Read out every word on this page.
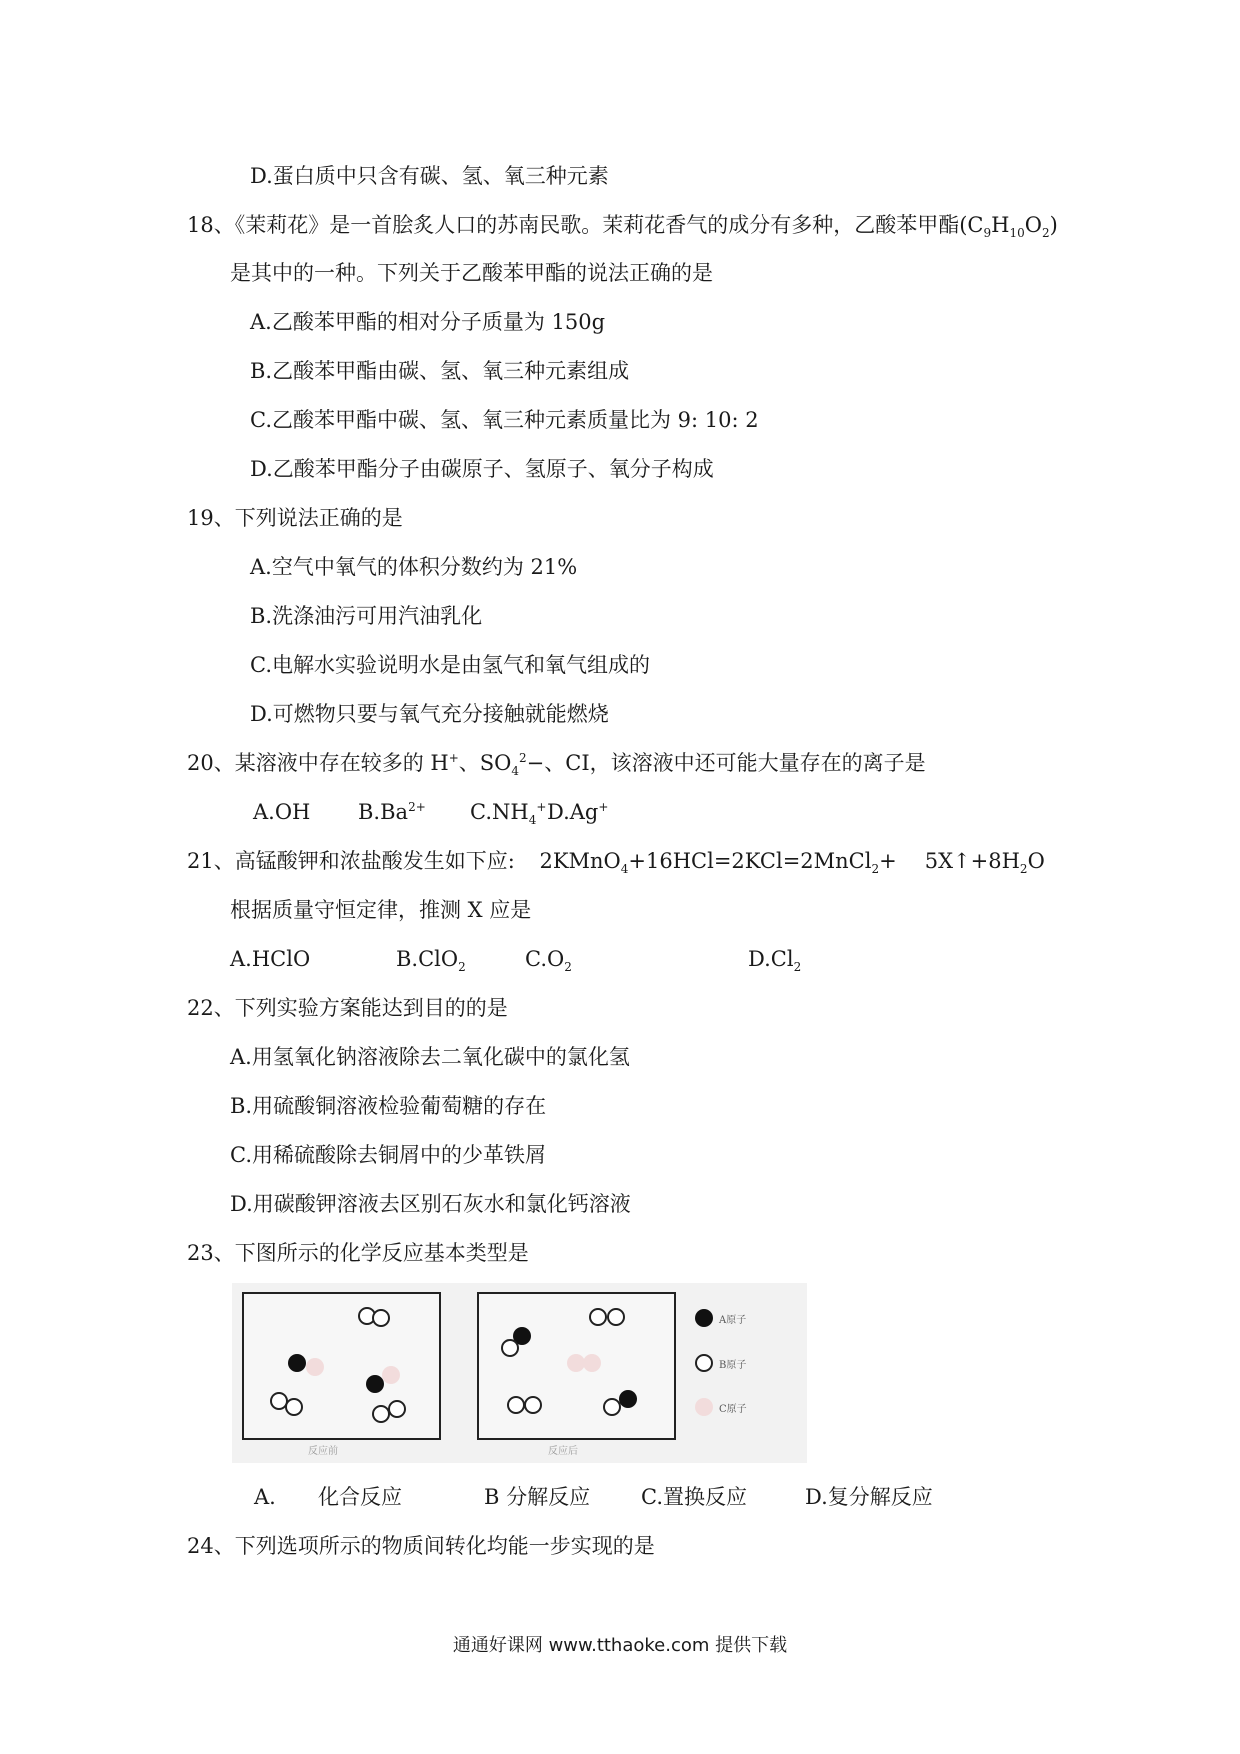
D.蛋白质中只含有碳、氢、氧三种元素
18、《茉莉花》是一首脍炙人口的苏南民歌。茉莉花香气的成分有多种，乙酸苯甲酯$(C_9H_{10}O_2)$
是其中的一种。下列关于乙酸苯甲酯的说法正确的是
A.乙酸苯甲酯的相对分子质量为 150g
B.乙酸苯甲酯由碳、氢、氧三种元素组成
C.乙酸苯甲酯中碳、氢、氧三种元素质量比为 9: 10: 2
D.乙酸苯甲酯分子由碳原子、氢原子、氧分子构成
19、下列说法正确的是
A.空气中氧气的体积分数约为 21%
B.洗涤油污可用汽油乳化
C.电解水实验说明水是由氢气和氧气组成的
D.可燃物只要与氧气充分接触就能燃烧
20、某溶液中存在较多的 H+、$SO_4^2-$、CI，该溶液中还可能大量存在的离子是
A.OH $B.Ba^{2+}$ $C.NH_4^+$ D.Ag+
21、高锰酸钾和浓盐酸发生如下应: 2KMnO$_4$+16HCl=2KCl=2MnCl$_2$+ $5X↑+8H_2O$
根据质量守恒定律，推测 X 应是
A.HClO	B.ClO$_2$	$C.O_2$	$D.Cl_2$
22、下列实验方案能达到目的的是
A.用氢氧化钠溶液除去二氧化碳中的氯化氢
B.用硫酸铜溶液检验葡萄糖的存在
C.用稀硫酸除去铜屑中的少革铁屑
D.用碳酸钾溶液去区别石灰水和氯化钙溶液
23、下图所示的化学反应基本类型是
反应前	反应后
A原子
B原子
C原子
A. 化合反应	B 分解反应 C.置换反应	D.复分解反应
24、下列选项所示的物质间转化均能一步实现的是
通通好课网 www.tthaoke.com 提供下载
